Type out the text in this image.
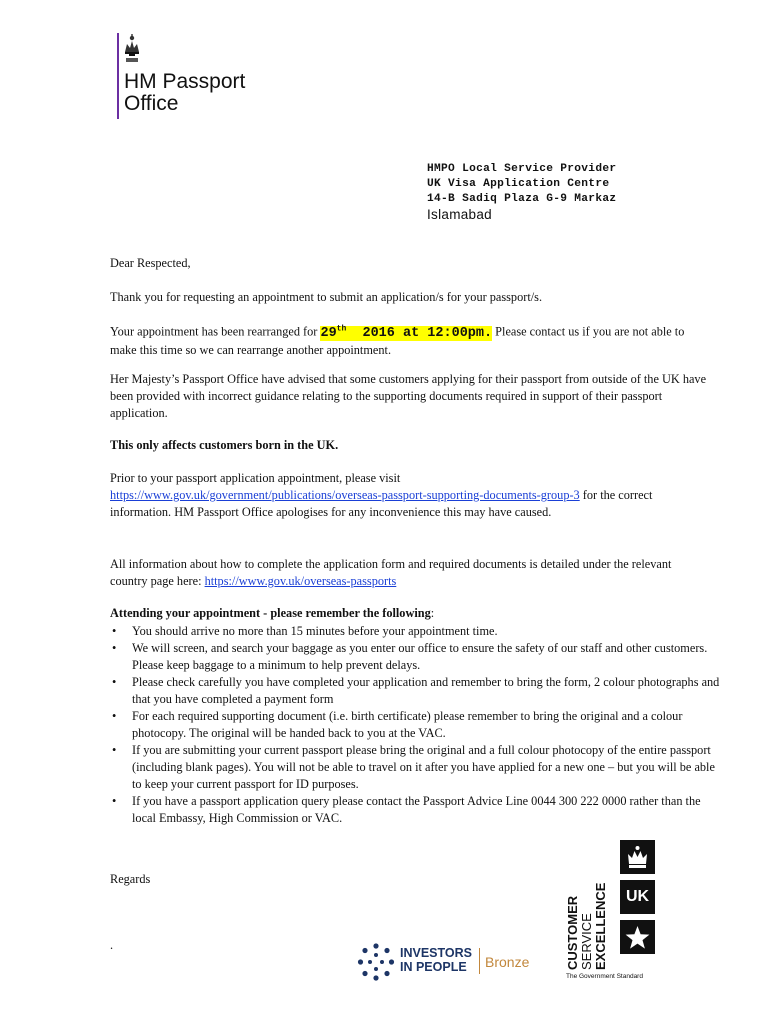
HM Passport
Office
HMPO Local Service Provider
UK Visa Application Centre
14-B Sadiq Plaza G-9 Markaz
Islamabad

Dear Respected,

Thank you for requesting an appointment to submit an application/s for your passport/s.

Your appointment has been rearranged for 29th  2016 at 12:00pm. Please contact us if you are not able to make this time so we can rearrange another appointment.

Her Majesty’s Passport Office have advised that some customers applying for their passport from outside of the UK have been provided with incorrect guidance relating to the supporting documents required in support of their passport application.

This only affects customers born in the UK.

Prior to your passport application appointment, please visit
https://www.gov.uk/government/publications/overseas-passport-supporting-documents-group-3 for the correct information. HM Passport Office apologises for any inconvenience this may have caused.

All information about how to complete the application form and required documents is detailed under the relevant country page here: https://www.gov.uk/overseas-passports

Attending your appointment - please remember the following:

• You should arrive no more than 15 minutes before your appointment time.
• We will screen, and search your baggage as you enter our office to ensure the safety of our staff and other customers. Please keep baggage to a minimum to help prevent delays.
• Please check carefully you have completed your application and remember to bring the form, 2 colour photographs and that you have completed a payment form
• For each required supporting document (i.e. birth certificate) please remember to bring the original and a colour photocopy. The original will be handed back to you at the VAC.
• If you are submitting your current passport please bring the original and a full colour photocopy of the entire passport (including blank pages). You will not be able to travel on it after you have applied for a new one – but you will be able to keep your current passport for ID purposes.
• If you have a passport application query please contact the Passport Advice Line 0044 300 222 0000 rather than the local Embassy, High Commission or VAC.

Regards

.

INVESTORS
IN PEOPLE	Bronze	CUSTOMER SERVICE EXCELLENCE	UK
The Government Standard
